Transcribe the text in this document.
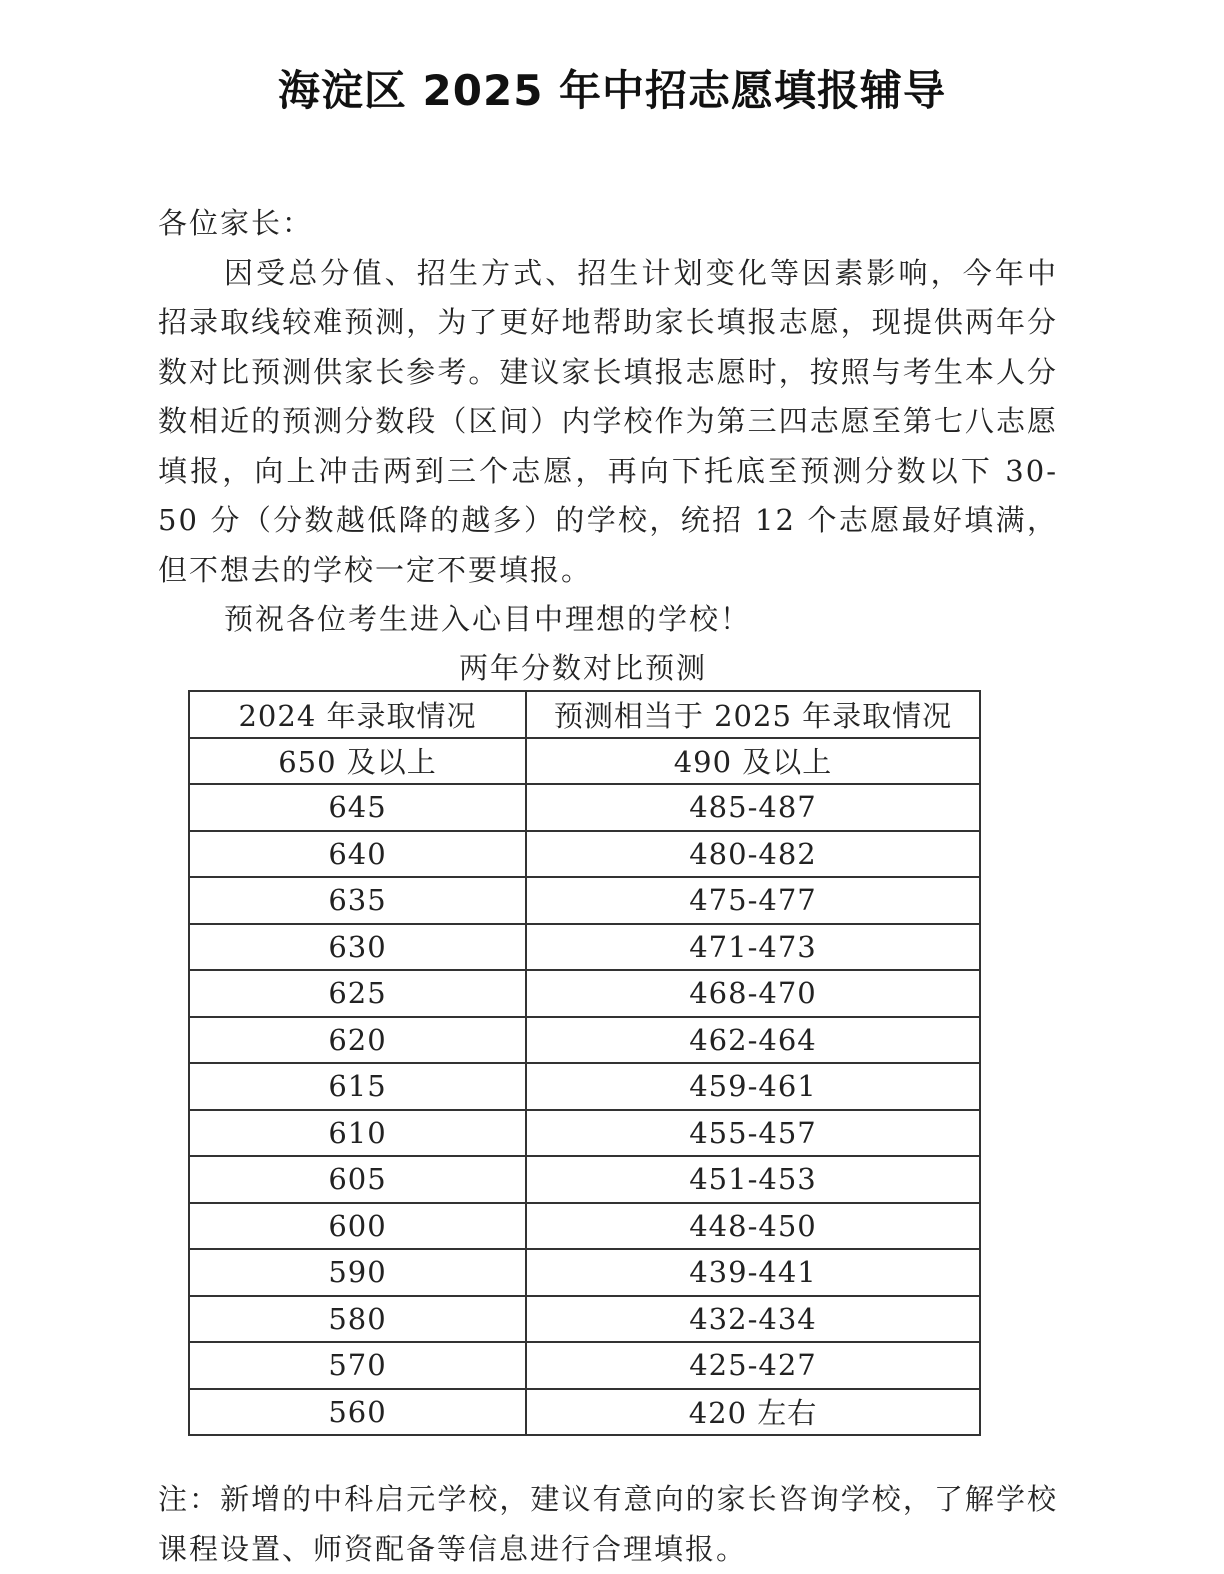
海淀区 2025 年中招志愿填报辅导

各位家长：

因受总分值、招生方式、招生计划变化等因素影响，今年中招录取线较难预测，为了更好地帮助家长填报志愿，现提供两年分数对比预测供家长参考。建议家长填报志愿时，按照与考生本人分数相近的预测分数段（区间）内学校作为第三四志愿至第七八志愿填报，向上冲击两到三个志愿，再向下托底至预测分数以下 30-50 分（分数越低降的越多）的学校，统招 12 个志愿最好填满，但不想去的学校一定不要填报。

预祝各位考生进入心目中理想的学校！

两年分数对比预测
2024 年录取情况	预测相当于 2025 年录取情况
650 及以上	490 及以上
645	485-487
640	480-482
635	475-477
630	471-473
625	468-470
620	462-464
615	459-461
610	455-457
605	451-453
600	448-450
590	439-441
580	432-434
570	425-427
560	420 左右

注：新增的中科启元学校，建议有意向的家长咨询学校，了解学校课程设置、师资配备等信息进行合理填报。
